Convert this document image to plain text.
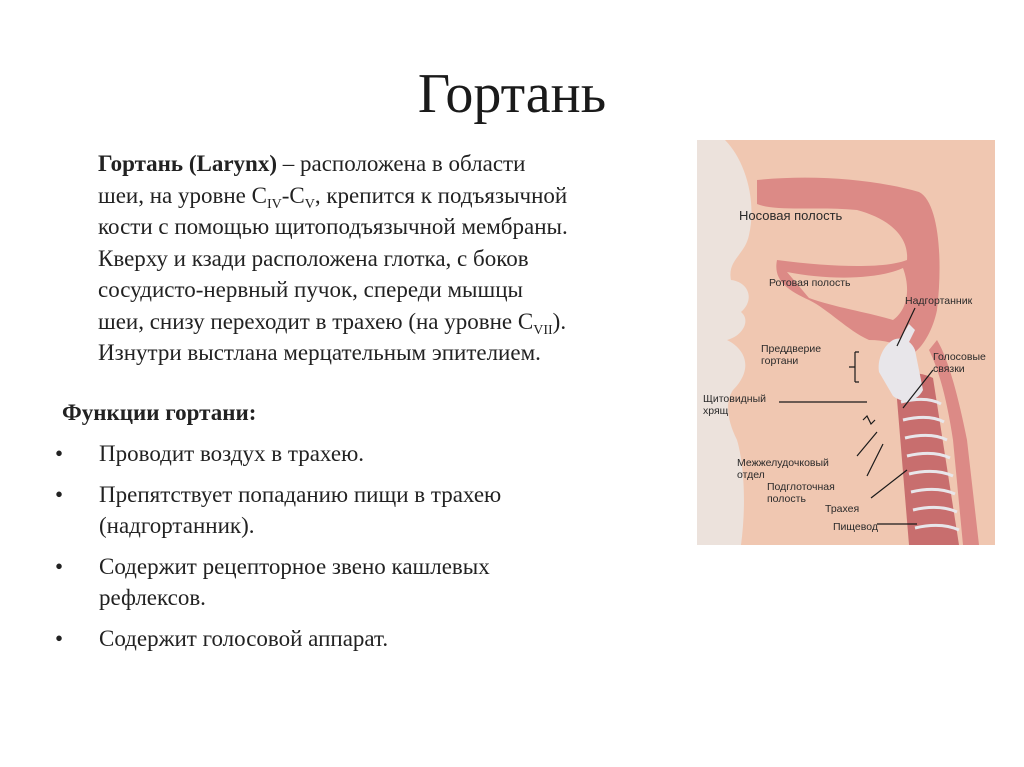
Гортань
Гортань (Larynx) – расположена в области
шеи, на уровне $C_{IV}-C_V$, крепится к подъязычной
кости с помощью щитоподъязычной мембраны.
Кверху и кзади расположена глотка, с боков
сосудисто-нервный пучок, спереди мышцы
шеи, снизу переходит в трахею (на уровне $C_{VII}$).
Изнутри выстлана мерцательным эпителием.
Функции гортани:
• Проводит воздух в трахею.
• Препятствует попаданию пищи в трахею
(надгортанник).
• Содержит рецепторное звено кашлевых
рефлексов.
• Содержит голосовой аппарат.
Носовая полость
Ротовая полость
Надгортанник
Преддверие
гортани	Голосовые
связки
Щитовидный
хрящ
Межжелудочковый
отдел
Подглоточная
полость
Трахея
Пищевод
